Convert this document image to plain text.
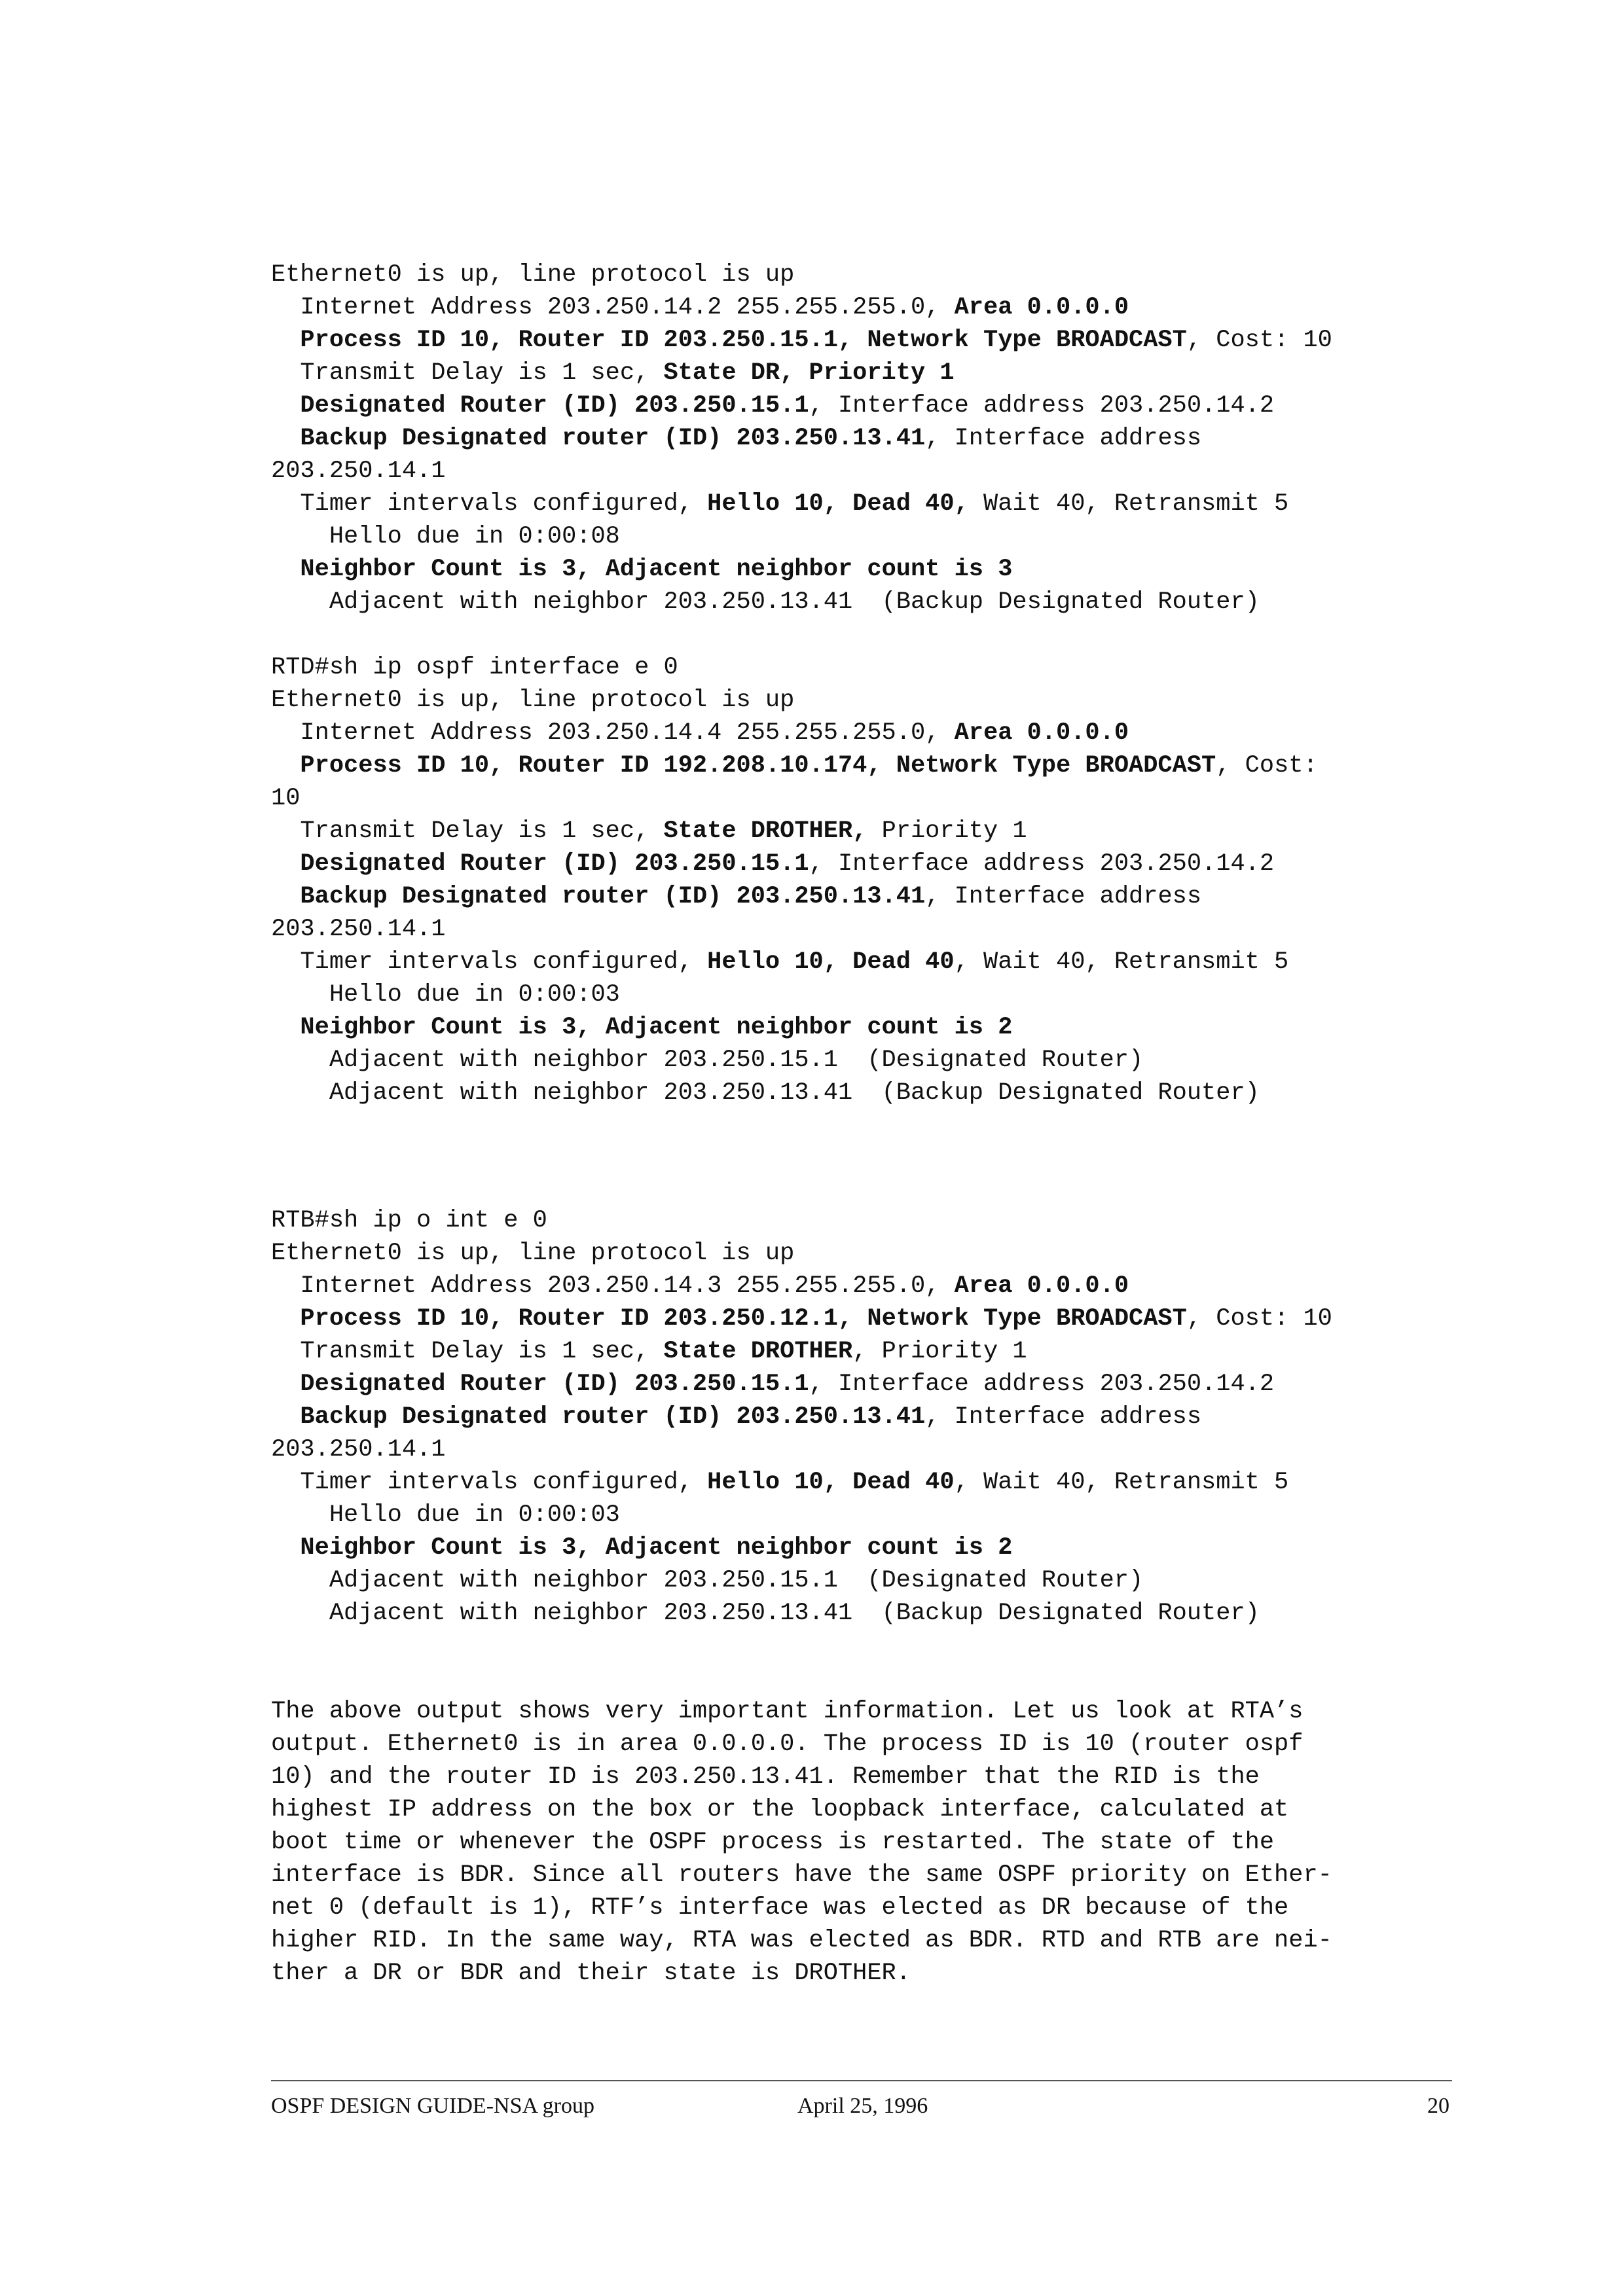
Ethernet0 is up, line protocol is up
Internet Address 203.250.14.2 255.255.255.0, Area 0.0.0.0
Process ID 10, Router ID 203.250.15.1, Network Type BROADCAST, Cost: 10
Transmit Delay is 1 sec, State DR, Priority 1
Designated Router (ID) 203.250.15.1, Interface address 203.250.14.2
Backup Designated router (ID) 203.250.13.41, Interface address
203.250.14.1
Timer intervals configured, Hello 10, Dead 40, Wait 40, Retransmit 5
Hello due in 0:00:08
Neighbor Count is 3, Adjacent neighbor count is 3
Adjacent with neighbor 203.250.13.41  (Backup Designated Router)
RTD#sh ip ospf interface e 0
Ethernet0 is up, line protocol is up
Internet Address 203.250.14.4 255.255.255.0, Area 0.0.0.0
Process ID 10, Router ID 192.208.10.174, Network Type BROADCAST, Cost:
10
Transmit Delay is 1 sec, State DROTHER, Priority 1
Designated Router (ID) 203.250.15.1, Interface address 203.250.14.2
Backup Designated router (ID) 203.250.13.41, Interface address
203.250.14.1
Timer intervals configured, Hello 10, Dead 40, Wait 40, Retransmit 5
Hello due in 0:00:03
Neighbor Count is 3, Adjacent neighbor count is 2
Adjacent with neighbor 203.250.15.1  (Designated Router)
Adjacent with neighbor 203.250.13.41  (Backup Designated Router)
RTB#sh ip o int e 0
Ethernet0 is up, line protocol is up
Internet Address 203.250.14.3 255.255.255.0, Area 0.0.0.0
Process ID 10, Router ID 203.250.12.1, Network Type BROADCAST, Cost: 10
Transmit Delay is 1 sec, State DROTHER, Priority 1
Designated Router (ID) 203.250.15.1, Interface address 203.250.14.2
Backup Designated router (ID) 203.250.13.41, Interface address
203.250.14.1
Timer intervals configured, Hello 10, Dead 40, Wait 40, Retransmit 5
Hello due in 0:00:03
Neighbor Count is 3, Adjacent neighbor count is 2
Adjacent with neighbor 203.250.15.1  (Designated Router)
Adjacent with neighbor 203.250.13.41  (Backup Designated Router)
The above output shows very important information. Let us look at RTA’s
output. Ethernet0 is in area 0.0.0.0. The process ID is 10 (router ospf
10) and the router ID is 203.250.13.41. Remember that the RID is the
highest IP address on the box or the loopback interface, calculated at
boot time or whenever the OSPF process is restarted. The state of the
interface is BDR. Since all routers have the same OSPF priority on Ether-
net 0 (default is 1), RTF’s interface was elected as DR because of the
higher RID. In the same way, RTA was elected as BDR. RTD and RTB are nei-
ther a DR or BDR and their state is DROTHER.
OSPF DESIGN GUIDE-NSA group	April 25, 1996	20
